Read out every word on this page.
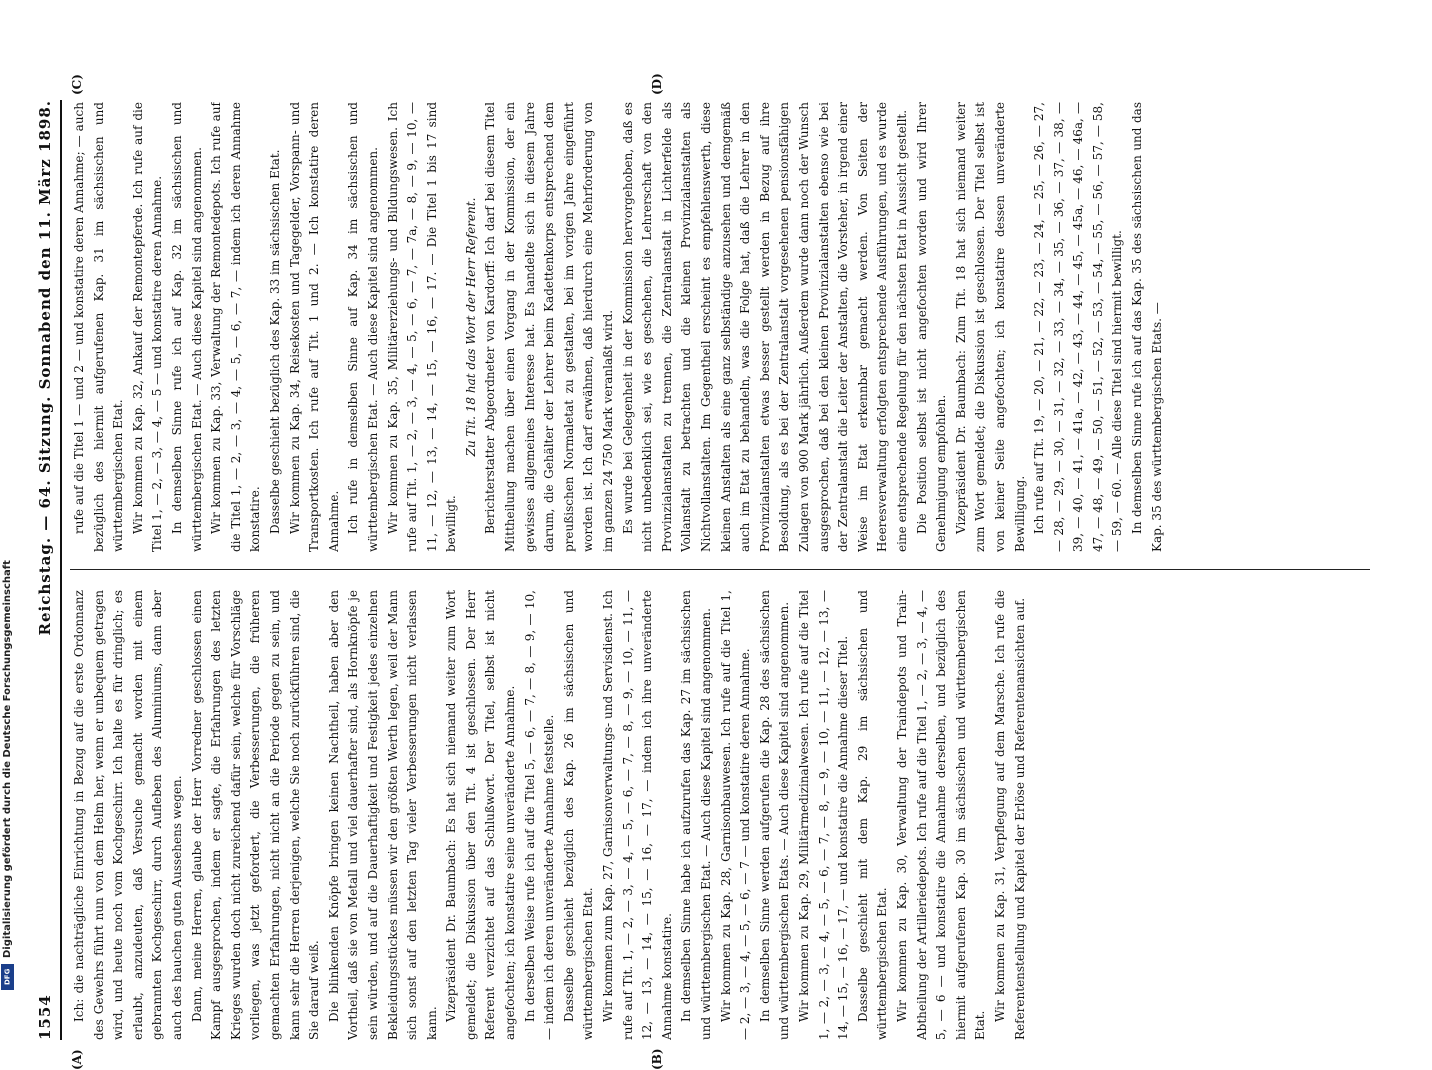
DFG
Digitalisierung gefördert durch die Deutsche Forschungsgemeinschaft
1554
Reichstag. — 64. Sitzung. Sonnabend den 11. März 1898.
(A)	(B)
(C)	(D)

Ich: die nachträgliche Einrichtung in Bezug auf die erste Ordonnanz des Gewehrs führt nun von dem Helm her, wenn er unbequem getragen wird, und heute noch vom Kochgeschirr. Ich halte es für dringlich; es erlaubt, anzudeuten, daß Versuche gemacht worden mit einem gebrannten Kochgeschirr, durch Aufleben des Aluminiums, dann aber auch des hauchen guten Aussehens wegen. Dann, meine Herren, glaube der Herr Vorredner geschlossen einen Kampf ausgesprochen, indem er sagte, die Erfahrungen des letzten Krieges wurden doch nicht zureichend dafür sein, welche für Vorschläge vorliegen, was jetzt gefordert, die Verbesserungen, die früheren gemachten Erfahrungen, nicht nicht an die Periode gegen zu sein, und kann sehr die Herren derjenigen, welche Sie noch zurückführen sind, die Sie darauf weiß. Die blinkenden Knöpfe bringen keinen Nachtheil, haben aber den Vortheil, daß sie von Metall und viel dauerhafter sind, als Hornknöpfe je sein würden, und auf die Dauerhaftigkeit und Festigkeit jedes einzelnen Bekleidungsstückes müssen wir den größten Werth legen, weil der Mann sich sonst auf den letzten Tag vieler Verbesserungen nicht verlassen kann.

Vizepräsident Dr. Baumbach: Es hat sich niemand weiter zum Wort gemeldet; die Diskussion über den Tit. 4 ist geschlossen. Der Herr Referent verzichtet auf das Schlußwort. Der Titel, selbst ist nicht angefochten; ich konstatire seine unveränderte Annahme. In derselben Weise rufe ich auf die Titel 5, — 6, — 7, — 8, — 9, — 10, — indem ich deren unveränderte Annahme feststelle. Dasselbe geschieht bezüglich des Kap. 26 im sächsischen und württembergischen Etat. Wir kommen zum Kap. 27, Garnisonverwaltungs- und Servisdienst. Ich rufe auf Tit. 1, — 2, — 3, — 4, — 5, — 6, — 7, — 8, — 9, — 10, — 11, — 12, — 13, — 14, — 15, — 16, — 17, — indem ich ihre unveränderte Annahme konstatire. In demselben Sinne habe ich aufzurufen das Kap. 27 im sächsischen und württembergischen Etat. — Auch diese Kapitel sind angenommen. Wir kommen zu Kap. 28, Garnisonbauwesen. Ich rufe auf die Titel 1, — 2, — 3, — 4, — 5, — 6, — 7 — und konstatire deren Annahme. In demselben Sinne werden aufgerufen die Kap. 28 des sächsischen und württembergischen Etats. — Auch diese Kapitel sind angenommen. Wir kommen zu Kap. 29, Militärmedizinalwesen. Ich rufe auf die Titel 1, — 2, — 3, — 4, — 5, — 6, — 7, — 8, — 9, — 10, — 11, — 12, — 13, — 14, — 15, — 16, — 17, — und konstatire die Annahme dieser Titel. Dasselbe geschieht mit dem Kap. 29 im sächsischen und württembergischen Etat. Wir kommen zu Kap. 30, Verwaltung der Traindepots und Train-Abtheilung der Artilleriedepots. Ich rufe auf die Titel 1, — 2, — 3, — 4, — 5, — 6 — und konstatire die Annahme derselben, und bezüglich des hiermit aufgerufenen Kap. 30 im sächsischen und württembergischen Etat.

Wir kommen zu Kap. 31, Verpflegung auf dem Marsche. Ich rufe die Referentenstellung und Kapitel der Erlöse und Referentenansichten auf.

rufe auf die Titel 1 — und 2 — und konstatire deren Annahme; — auch bezüglich des hiermit aufgerufenen Kap. 31 im sächsischen und württembergischen Etat. Wir kommen zu Kap. 32, Ankauf der Remontepferde. Ich rufe auf die Titel 1, — 2, — 3, — 4, — 5 — und konstatire deren Annahme. In demselben Sinne rufe ich auf Kap. 32 im sächsischen und württembergischen Etat. — Auch diese Kapitel sind angenommen. Wir kommen zu Kap. 33, Verwaltung der Remontedepots. Ich rufe auf die Titel 1, — 2, — 3, — 4, — 5, — 6, — 7, — indem ich deren Annahme konstatire. Dasselbe geschieht bezüglich des Kap. 33 im sächsischen Etat. Wir kommen zu Kap. 34, Reisekosten und Tagegelder, Vorspann- und Transportkosten. Ich rufe auf Tit. 1 und 2. — Ich konstatire deren Annahme. Ich rufe in demselben Sinne auf Kap. 34 im sächsischen und württembergischen Etat. — Auch diese Kapitel sind angenommen. Wir kommen zu Kap. 35, Militärerziehungs- und Bildungswesen. Ich rufe auf Tit. 1, — 2, — 3, — 4, — 5, — 6, — 7, — 7a, — 8, — 9, — 10, — 11, — 12, — 13, — 14, — 15, — 16, — 17. — Die Titel 1 bis 17 sind bewilligt.

Zu Tit. 18 hat das Wort der Herr Referent. Berichterstatter Abgeordneter von Kardorff: Ich darf bei diesem Titel Mittheilung machen über einen Vorgang in der Kommission, der ein gewisses allgemeines Interesse hat. Es handelte sich in diesem Jahre darum, die Gehälter der Lehrer beim Kadettenkorps entsprechend dem preußischen Normaletat zu gestalten, bei im vorigen Jahre eingeführt worden ist. Ich darf erwähnen, daß hierdurch eine Mehrforderung von im ganzen 24 750 Mark veranlaßt wird. Es wurde bei Gelegenheit in der Kommission hervorgehoben, daß es nicht unbedenklich sei, wie es geschehen, die Lehrerschaft von den Provinzialanstalten zu trennen, die Zentralanstalt in Lichterfelde als Vollanstalt zu betrachten und die kleinen Provinzialanstalten als Nichtvollanstalten. Im Gegentheil erscheint es empfehlenswerth, diese kleinen Anstalten als eine ganz selbständige anzusehen und demgemäß auch im Etat zu behandeln, was die Folge hat, daß die Lehrer in den Provinzialanstalten etwas besser gestellt werden in Bezug auf ihre Besoldung, als es bei der Zentralanstalt vorgesehenen pensionsfähigen Zulagen von 900 Mark jährlich. Außerdem wurde dann noch der Wunsch ausgesprochen, daß bei den kleinen Provinzialanstalten ebenso wie bei der Zentralanstalt die Leiter der Anstalten, die Vorsteher, in irgend einer Weise im Etat erkennbar gemacht werden. Von Seiten der Heeresverwaltung erfolgten entsprechende Ausführungen, und es wurde eine entsprechende Regelung für den nächsten Etat in Aussicht gestellt. Die Position selbst ist nicht angefochten worden und wird Ihrer Genehmigung empfohlen. Vizepräsident Dr. Baumbach: Zum Tit. 18 hat sich niemand weiter zum Wort gemeldet; die Diskussion ist geschlossen. Der Titel selbst ist von keiner Seite angefochten; ich konstatire dessen unveränderte Bewilligung. Ich rufe auf Tit. 19, — 20, — 21, — 22, — 23, — 24, — 25, — 26, — 27, — 28, — 29, — 30, — 31, — 32, — 33, — 34, — 35, — 36, — 37, — 38, — 39, — 40, — 41, — 41a, — 42, — 43, — 44, — 45, — 45a, — 46, — 46a, — 47, — 48, — 49, — 50, — 51, — 52, — 53, — 54, — 55, — 56, — 57, — 58, — 59, — 60. — Alle diese Titel sind hiermit bewilligt. In demselben Sinne rufe ich auf das Kap. 35 des sächsischen und das Kap. 35 des württembergischen Etats. —
